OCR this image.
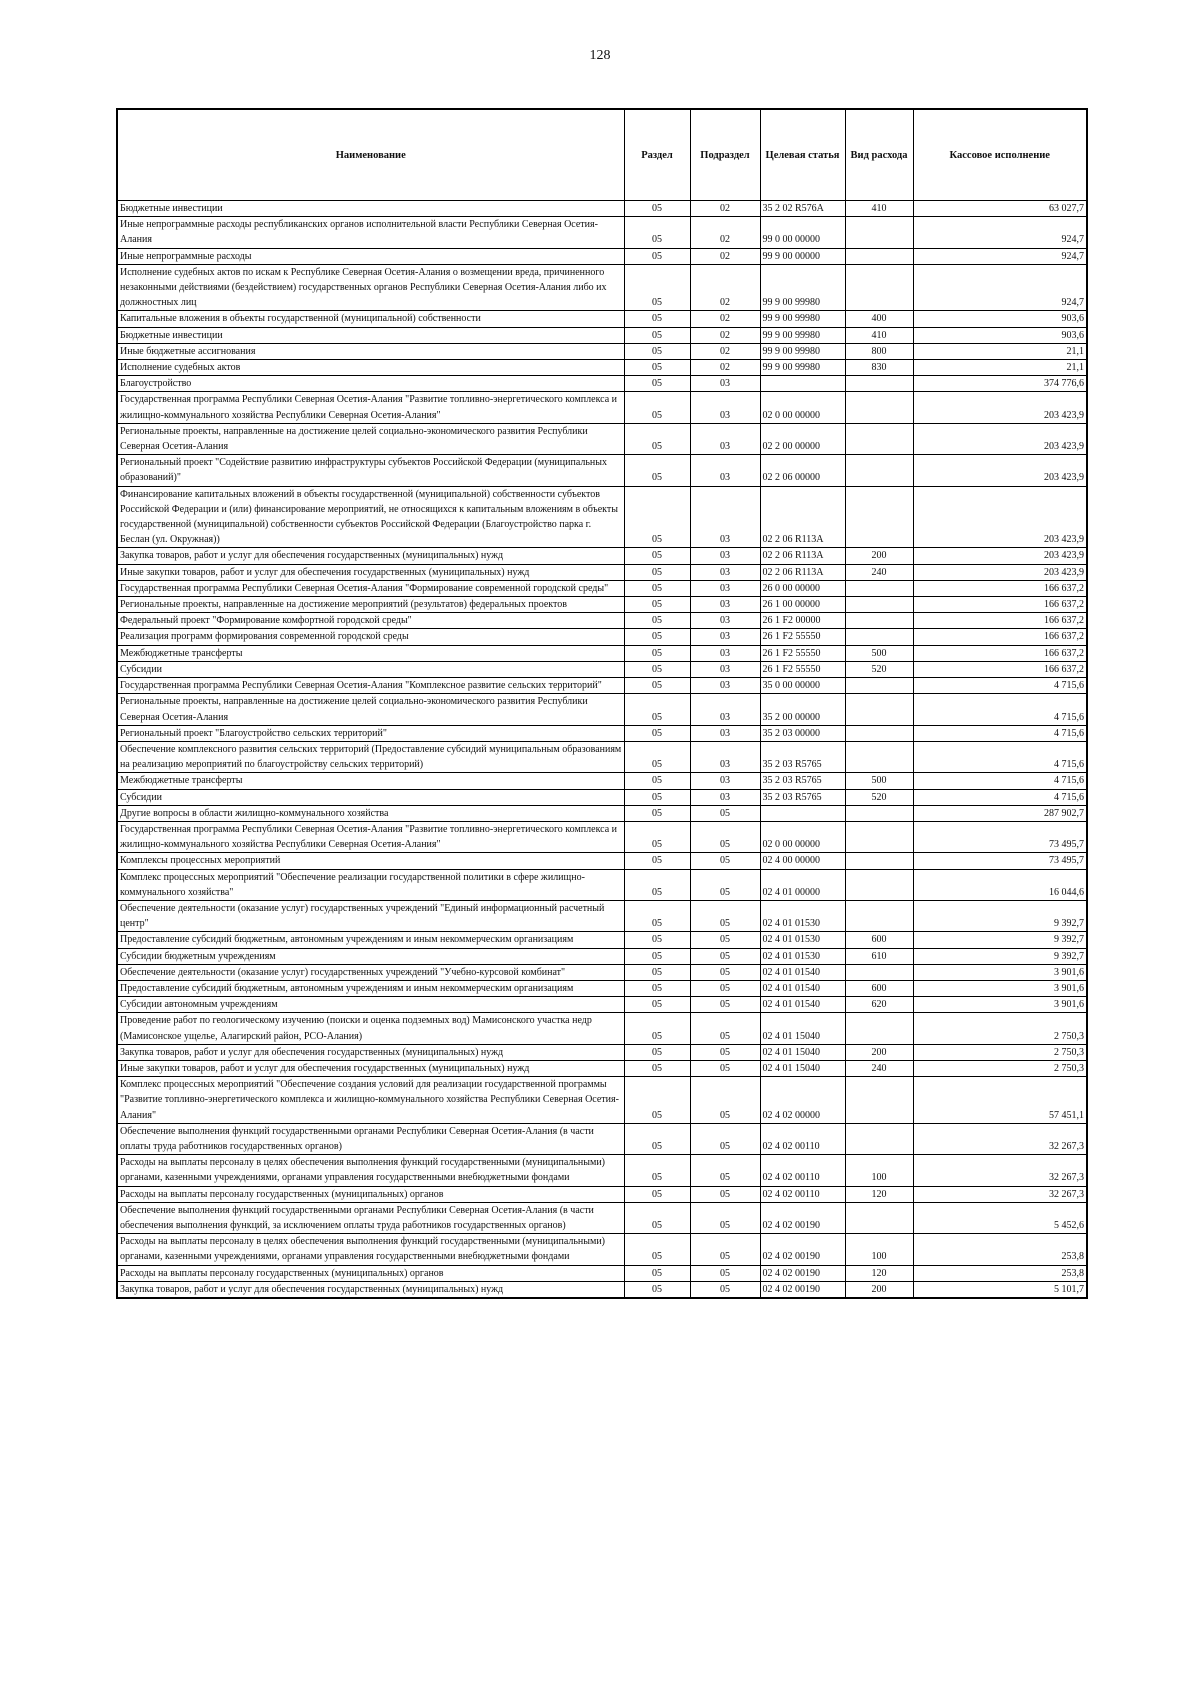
128
Наименование	Раздел	Подраздел	Целевая статья	Вид расхода	Кассовое исполнение
Бюджетные инвестиции	05	02	35 2 02 R576A	410	63 027,7
Иные непрограммные расходы республиканских органов исполнительной власти Республики Северная Осетия-Алания	05	02	99 0 00 00000		924,7
Иные непрограммные расходы	05	02	99 9 00 00000		924,7
Исполнение судебных актов по искам к Республике Северная Осетия-Алания о возмещении вреда, причиненного незаконными действиями (бездействием) государственных органов Республики Северная Осетия-Алания либо их должностных лиц	05	02	99 9 00 99980		924,7
Капитальные вложения в объекты государственной (муниципальной) собственности	05	02	99 9 00 99980	400	903,6
Бюджетные инвестиции	05	02	99 9 00 99980	410	903,6
Иные бюджетные ассигнования	05	02	99 9 00 99980	800	21,1
Исполнение судебных актов	05	02	99 9 00 99980	830	21,1
Благоустройство	05	03			374 776,6
Государственная программа Республики Северная Осетия-Алания "Развитие топливно-энергетического комплекса и жилищно-коммунального хозяйства Республики Северная Осетия-Алания"	05	03	02 0 00 00000		203 423,9
Региональные проекты, направленные на достижение целей социально-экономического развития Республики Северная Осетия-Алания	05	03	02 2 00 00000		203 423,9
Региональный проект "Содействие развитию инфраструктуры субъектов Российской Федерации (муниципальных образований)"	05	03	02 2 06 00000		203 423,9
Финансирование капитальных вложений в объекты государственной (муниципальной) собственности субъектов Российской Федерации и (или) финансирование мероприятий, не относящихся к капитальным вложениям в объекты государственной (муниципальной) собственности субъектов Российской Федерации (Благоустройство парка г. Беслан (ул. Окружная))	05	03	02 2 06 R113A		203 423,9
Закупка товаров, работ и услуг для обеспечения государственных (муниципальных) нужд	05	03	02 2 06 R113A	200	203 423,9
Иные закупки товаров, работ и услуг для обеспечения государственных (муниципальных) нужд	05	03	02 2 06 R113A	240	203 423,9
Государственная программа Республики Северная Осетия-Алания "Формирование современной городской среды"	05	03	26 0 00 00000		166 637,2
Региональные проекты, направленные на достижение мероприятий (результатов) федеральных проектов	05	03	26 1 00 00000		166 637,2
Федеральный проект "Формирование комфортной городской среды"	05	03	26 1 F2 00000		166 637,2
Реализация программ формирования современной городской среды	05	03	26 1 F2 55550		166 637,2
Межбюджетные трансферты	05	03	26 1 F2 55550	500	166 637,2
Субсидии	05	03	26 1 F2 55550	520	166 637,2
Государственная программа Республики Северная Осетия-Алания "Комплексное развитие сельских территорий"	05	03	35 0 00 00000		4 715,6
Региональные проекты, направленные на достижение целей социально-экономического развития Республики Северная Осетия-Алания	05	03	35 2 00 00000		4 715,6
Региональный проект "Благоустройство сельских территорий"	05	03	35 2 03 00000		4 715,6
Обеспечение комплексного развития сельских территорий (Предоставление субсидий муниципальным образованиям на реализацию мероприятий по благоустройству сельских территорий)	05	03	35 2 03 R5765		4 715,6
Межбюджетные трансферты	05	03	35 2 03 R5765	500	4 715,6
Субсидии	05	03	35 2 03 R5765	520	4 715,6
Другие вопросы в области жилищно-коммунального хозяйства	05	05			287 902,7
Государственная программа Республики Северная Осетия-Алания "Развитие топливно-энергетического комплекса и жилищно-коммунального хозяйства Республики Северная Осетия-Алания"	05	05	02 0 00 00000		73 495,7
Комплексы процессных мероприятий	05	05	02 4 00 00000		73 495,7
Комплекс процессных мероприятий "Обеспечение реализации государственной политики в сфере жилищно-коммунального хозяйства"	05	05	02 4 01 00000		16 044,6
Обеспечение деятельности (оказание услуг) государственных учреждений "Единый информационный расчетный центр"	05	05	02 4 01 01530		9 392,7
Предоставление субсидий бюджетным, автономным учреждениям и иным некоммерческим организациям	05	05	02 4 01 01530	600	9 392,7
Субсидии бюджетным учреждениям	05	05	02 4 01 01530	610	9 392,7
Обеспечение деятельности (оказание услуг) государственных учреждений "Учебно-курсовой комбинат"	05	05	02 4 01 01540		3 901,6
Предоставление субсидий бюджетным, автономным учреждениям и иным некоммерческим организациям	05	05	02 4 01 01540	600	3 901,6
Субсидии автономным учреждениям	05	05	02 4 01 01540	620	3 901,6
Проведение работ по геологическому изучению (поиски и оценка подземных вод) Мамисонского участка недр (Мамисонское ущелье, Алагирский район, РСО-Алания)	05	05	02 4 01 15040		2 750,3
Закупка товаров, работ и услуг для обеспечения государственных (муниципальных) нужд	05	05	02 4 01 15040	200	2 750,3
Иные закупки товаров, работ и услуг для обеспечения государственных (муниципальных) нужд	05	05	02 4 01 15040	240	2 750,3
Комплекс процессных мероприятий "Обеспечение создания условий для реализации государственной программы "Развитие топливно-энергетического комплекса и жилищно-коммунального хозяйства Республики Северная Осетия-Алания"	05	05	02 4 02 00000		57 451,1
Обеспечение выполнения функций государственными органами Республики Северная Осетия-Алания (в части оплаты труда работников государственных органов)	05	05	02 4 02 00110		32 267,3
Расходы на выплаты персоналу в целях обеспечения выполнения функций государственными (муниципальными) органами, казенными учреждениями, органами управления государственными внебюджетными фондами	05	05	02 4 02 00110	100	32 267,3
Расходы на выплаты персоналу государственных (муниципальных) органов	05	05	02 4 02 00110	120	32 267,3
Обеспечение выполнения функций государственными органами Республики Северная Осетия-Алания (в части обеспечения выполнения функций, за исключением оплаты труда работников государственных органов)	05	05	02 4 02 00190		5 452,6
Расходы на выплаты персоналу в целях обеспечения выполнения функций государственными (муниципальными) органами, казенными учреждениями, органами управления государственными внебюджетными фондами	05	05	02 4 02 00190	100	253,8
Расходы на выплаты персоналу государственных (муниципальных) органов	05	05	02 4 02 00190	120	253,8
Закупка товаров, работ и услуг для обеспечения государственных (муниципальных) нужд	05	05	02 4 02 00190	200	5 101,7
